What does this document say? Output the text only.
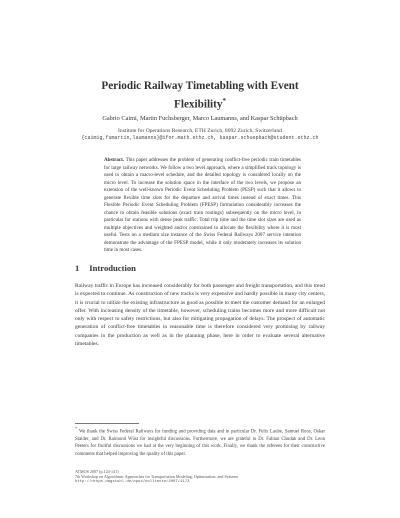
Periodic Railway Timetabling with Event
Flexibility*
Gabrio Caimi, Martin Fuchsberger, Marco Laumanns, and Kaspar Schüpbach
Institute for Operations Research, ETH Zurich, 8092 Zurich, Switzerland
{caimig,fumartin,laumanns}@ifor.math.ethz.ch, kaspar.schuepbach@student.ethz.ch
Abstract. This paper addresses the problem of generating conflict-free periodic train timetables for large railway networks. We follow a two level approach, where a simplified track topology is used to obtain a macro-level schedule, and the detailed topology is considered locally on the micro level. To increase the solution space in the interface of the two levels, we propose an extension of the well-known Periodic Event Scheduling Problem (PESP) such that it allows to generate flexible time slots for the departure and arrival times instead of exact times. This Flexible Periodic Event Scheduling Problem (FPESP) formulation considerably increases the chance to obtain feasible solutions (exact train routings) subsequently on the micro level, in particular for stations with dense peak traffic. Total trip time and the time slot sizes are used as multiple objectives and weighted and/or constrained to allocate the flexibility where it is most useful. Tests on a medium size instance of the Swiss Federal Railways 2007 service intention demonstrate the advantage of the FPESP model, while it only moderately increases its solution time in most cases.
1 Introduction
Railway traffic in Europe has increased considerably for both passenger and freight transportation, and this trend is expected to continue. As construction of new tracks is very expensive and hardly possible in many city centers, it is crucial to utilize the existing infrastructure as good as possible to meet the customer demand for an enlarged offer. With increasing density of the timetable, however, scheduling trains becomes more and more difficult not only with respect to safety restrictions, but also for mitigating propagation of delays. The prospect of automatic generation of conflict-free timetables in reasonable time is therefore considered very promising by railway companies in the production as well as in the planning phase, here in order to evaluate several alternative timetables.
*We thank the Swiss Federal Railways for funding and providing data and in particular Dr. Felix Laube, Samuel Roos, Oskar Stalder, and Dr. Raimond Wüst for insightful discussions. Furthermore, we are grateful to Dr. Fabian Chudak and Dr. Leon Peeters for fruitful discussions we had at the very beginning of this work. Finally, we thank the referees for their constructive comments that helped improving the quality of this paper.
ATMOS 2007 (p.124-141)
7th Workshop on Algorithmic Approaches for Transportation Modeling, Optimization, and Systems
http://drops.dagstuhl.de/opus/volltexte/2007/1173
